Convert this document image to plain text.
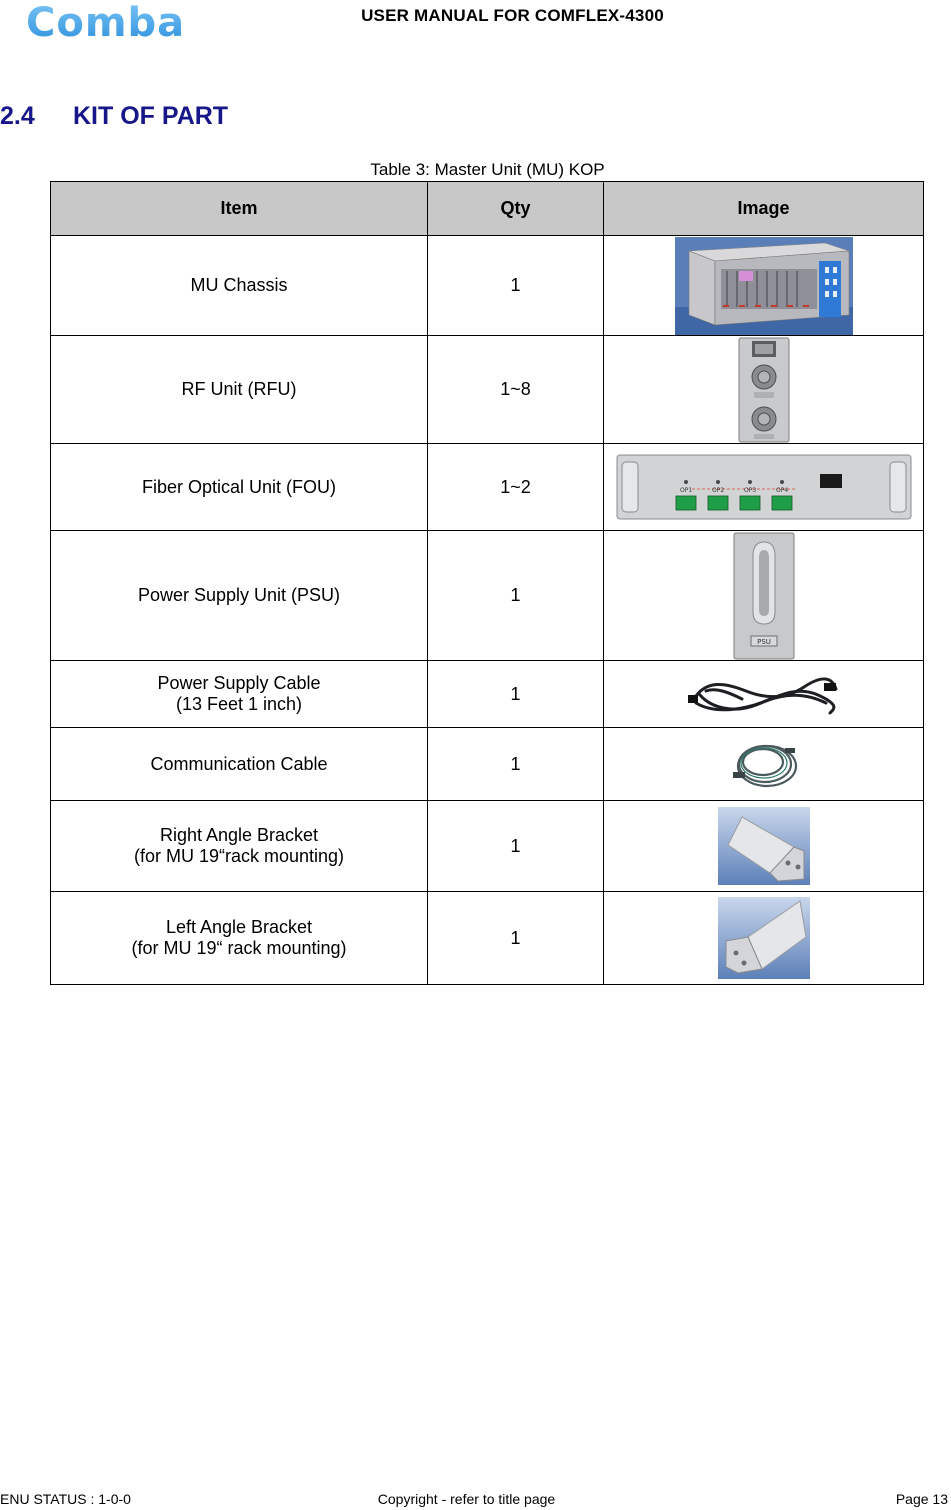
Comba	USER MANUAL FOR COMFLEX-4300
2.4 KIT OF PART
Table 3: Master Unit (MU) KOP
Item	Qty	Image
MU Chassis	1	

RF Unit (RFU)	1~8	

Fiber Optical Unit (FOU)	1~2	OP1 OP2 OP3 OP4

Power Supply Unit (PSU)	1	PSU

Power Supply Cable
(13 Feet 1 inch)	1	

Communication Cable	1	

Right Angle Bracket
(for MU 19“rack mounting)	1	

Left Angle Bracket
(for MU 19“ rack mounting)	1	
ENU STATUS : 1-0-0	Copyright - refer to title page	Page 13
